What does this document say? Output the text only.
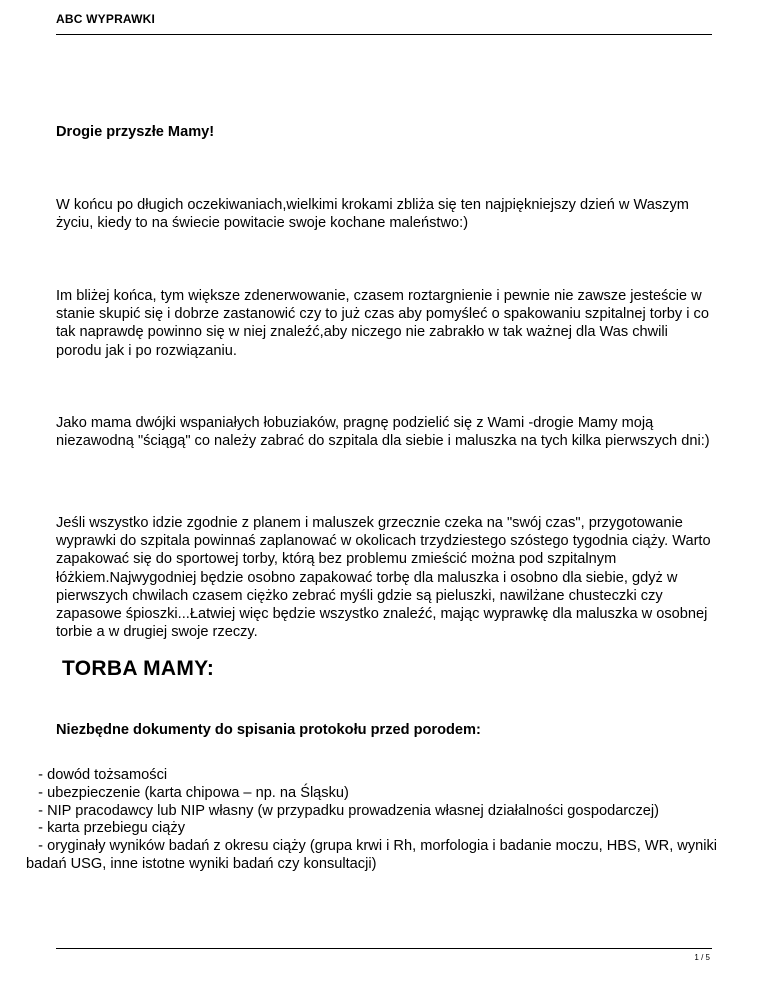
ABC WYPRAWKI

Drogie przyszłe Mamy!

W końcu po długich oczekiwaniach,wielkimi krokami zbliża się ten najpiękniejszy dzień w Waszym życiu, kiedy to na świecie powitacie swoje kochane maleństwo:)

Im bliżej końca, tym większe zdenerwowanie, czasem roztargnienie i pewnie nie zawsze jesteście w stanie skupić się i dobrze zastanowić czy to już czas aby pomyśleć o spakowaniu szpitalnej torby i co tak naprawdę powinno się w niej znaleźć,aby niczego nie zabrakło w tak ważnej dla Was chwili porodu jak i po rozwiązaniu.

Jako mama dwójki wspaniałych łobuziaków, pragnę podzielić się z Wami -drogie Mamy moją niezawodną "ściągą" co należy zabrać do szpitala dla siebie i maluszka na tych kilka pierwszych dni:)

Jeśli wszystko idzie zgodnie z planem i maluszek grzecznie czeka na "swój czas", przygotowanie wyprawki do szpitala powinnaś zaplanować w okolicach trzydziestego szóstego tygodnia ciąży. Warto zapakować się do sportowej torby, którą bez problemu zmieścić można pod szpitalnym łóżkiem.Najwygodniej będzie osobno zapakować torbę dla maluszka i osobno dla siebie, gdyż w pierwszych chwilach czasem ciężko zebrać myśli gdzie są pieluszki, nawilżane chusteczki czy zapasowe śpioszki...Łatwiej więc będzie wszystko znaleźć, mając wyprawkę dla maluszka w osobnej torbie a w drugiej swoje rzeczy.

TORBA MAMY:

Niezbędne dokumenty do spisania protokołu przed porodem:

- dowód tożsamości
- ubezpieczenie (karta chipowa – np. na Śląsku)
- NIP pracodawcy lub NIP własny (w przypadku prowadzenia własnej działalności gospodarczej)
- karta przebiegu ciąży
- oryginały wyników badań z okresu ciąży (grupa krwi i Rh, morfologia i badanie moczu, HBS, WR, wyniki badań USG, inne istotne wyniki badań czy konsultacji)
1 / 5
